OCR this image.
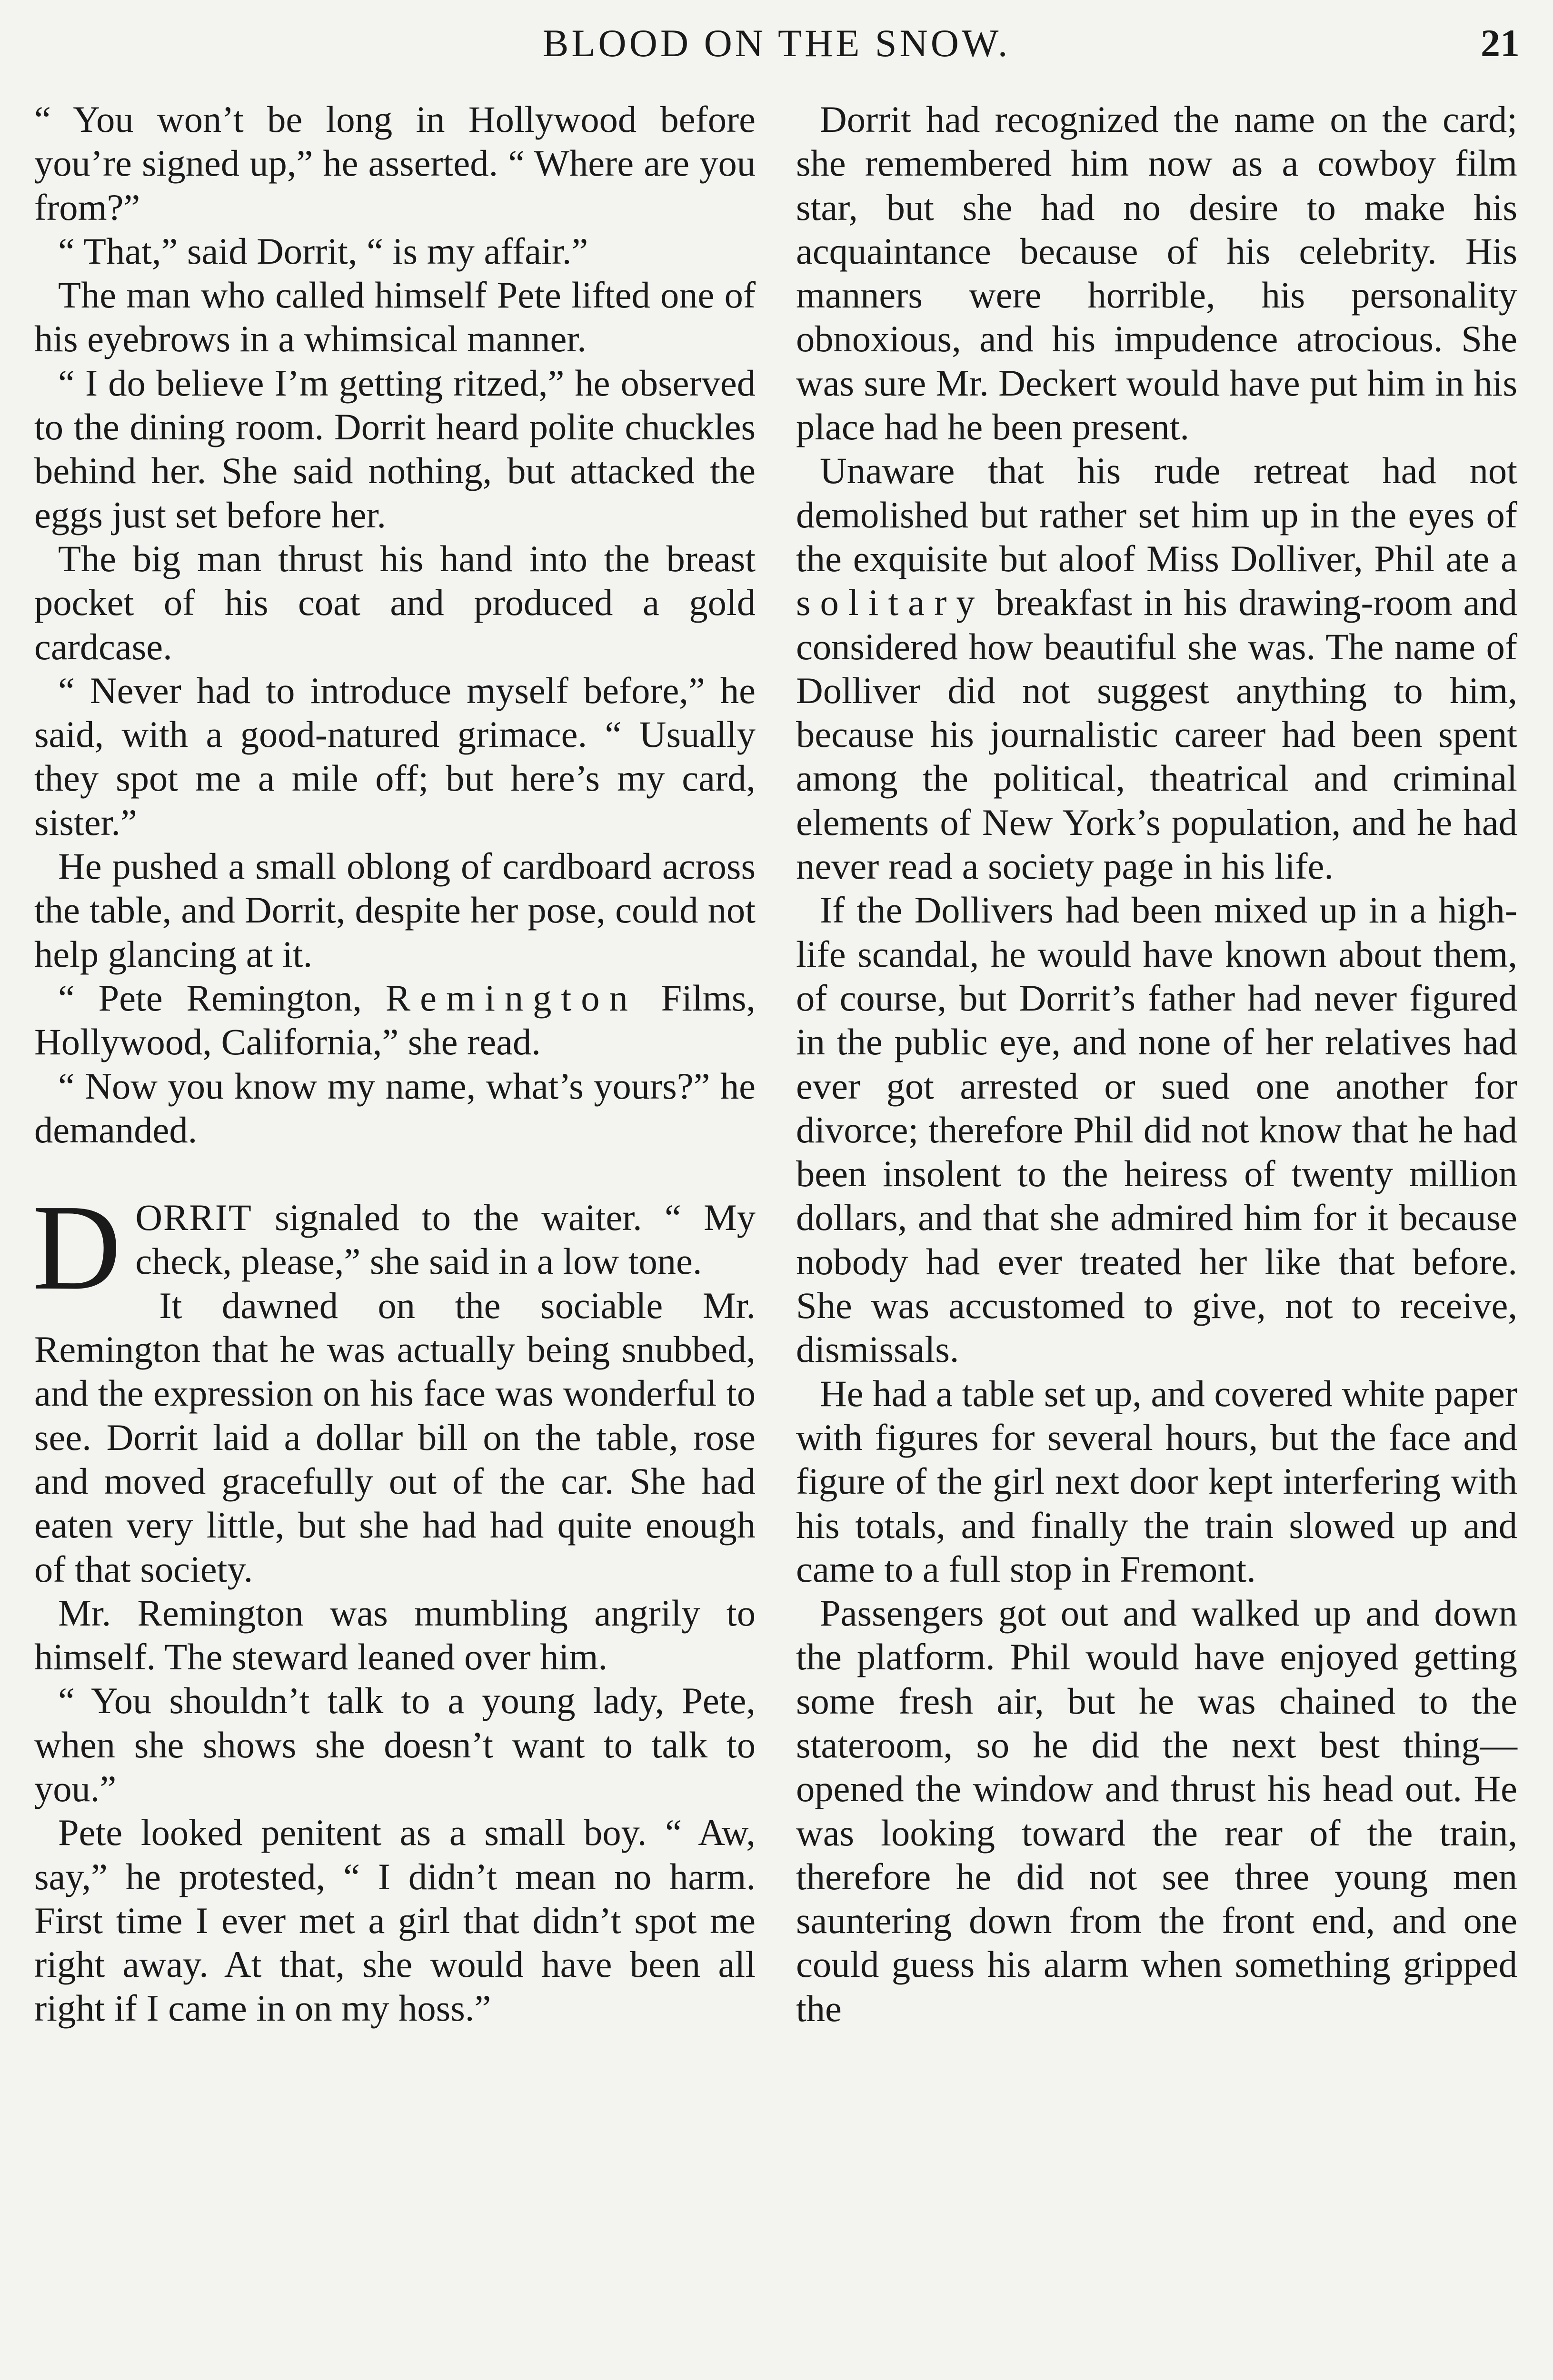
BLOOD ON THE SNOW.	21

“ You won’t be long in Hollywood before you’re signed up,” he asserted. “ Where are you from?”

“ That,” said Dorrit, “ is my affair.”

The man who called himself Pete lifted one of his eyebrows in a whimsical manner.

“ I do believe I’m getting ritzed,” he observed to the dining room. Dorrit heard polite chuckles behind her. She said nothing, but attacked the eggs just set before her.

The big man thrust his hand into the breast pocket of his coat and produced a gold cardcase.

“ Never had to introduce myself before,” he said, with a good-natured grimace. “ Usually they spot me a mile off; but here’s my card, sister.”

He pushed a small oblong of cardboard across the table, and Dorrit, despite her pose, could not help glancing at it.

“ Pete Remington, Remington Films, Hollywood, California,” she read.

“ Now you know my name, what’s yours?” he demanded.

DORRIT signaled to the waiter. “ My check, please,” she said in a low tone.

It dawned on the sociable Mr. Remington that he was actually being snubbed, and the expression on his face was wonderful to see. Dorrit laid a dollar bill on the table, rose and moved gracefully out of the car. She had eaten very little, but she had had quite enough of that society.

Mr. Remington was mumbling angrily to himself. The steward leaned over him.

“ You shouldn’t talk to a young lady, Pete, when she shows she doesn’t want to talk to you.”

Pete looked penitent as a small boy. “ Aw, say,” he protested, “ I didn’t mean no harm. First time I ever met a girl that didn’t spot me right away. At that, she would have been all right if I came in on my hoss.”

Dorrit had recognized the name on the card; she remembered him now as a cowboy film star, but she had no desire to make his acquaintance because of his celebrity. His manners were horrible, his personality obnoxious, and his impudence atrocious. She was sure Mr. Deckert would have put him in his place had he been present.

Unaware that his rude retreat had not demolished but rather set him up in the eyes of the exquisite but aloof Miss Dolliver, Phil ate a solitary breakfast in his drawing-room and considered how beautiful she was. The name of Dolliver did not suggest anything to him, because his journalistic career had been spent among the political, theatrical and criminal elements of New York’s population, and he had never read a society page in his life.

If the Dollivers had been mixed up in a high-life scandal, he would have known about them, of course, but Dorrit’s father had never figured in the public eye, and none of her relatives had ever got arrested or sued one another for divorce; therefore Phil did not know that he had been insolent to the heiress of twenty million dollars, and that she admired him for it because nobody had ever treated her like that before. She was accustomed to give, not to receive, dismissals.

He had a table set up, and covered white paper with figures for several hours, but the face and figure of the girl next door kept interfering with his totals, and finally the train slowed up and came to a full stop in Fremont.

Passengers got out and walked up and down the platform. Phil would have enjoyed getting some fresh air, but he was chained to the stateroom, so he did the next best thing—opened the window and thrust his head out. He was looking toward the rear of the train, therefore he did not see three young men sauntering down from the front end, and one could guess his alarm when something gripped the
